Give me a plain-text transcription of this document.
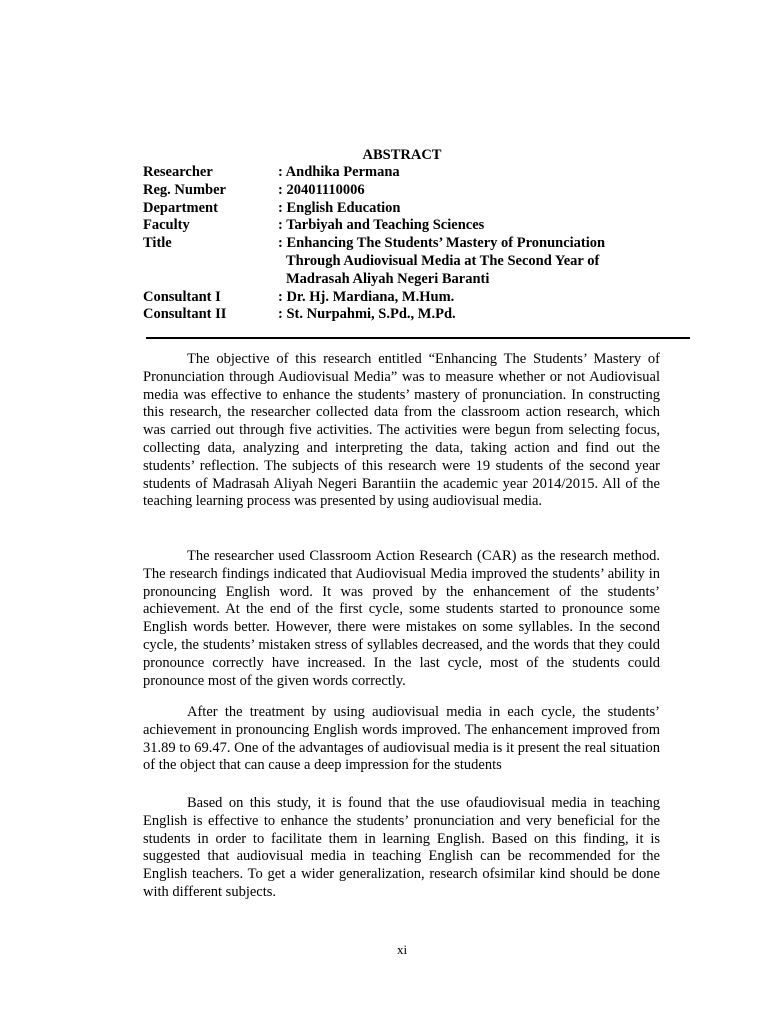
ABSTRACT
Researcher	: Andhika Permana
Reg. Number	: 20401110006
Department	: English Education
Faculty	: Tarbiyah and Teaching Sciences
Title	: Enhancing The Students’ Mastery of Pronunciation
Through Audiovisual Media at The Second Year of
Madrasah Aliyah Negeri Baranti
Consultant I	: Dr. Hj. Mardiana, M.Hum.
Consultant II	: St. Nurpahmi, S.Pd., M.Pd.

The objective of this research entitled “Enhancing The Students’ Mastery of Pronunciation through Audiovisual Media” was to measure whether or not Audiovisual media was effective to enhance the students’ mastery of pronunciation. In constructing this research, the researcher collected data from the classroom action research, which was carried out through five activities. The activities were begun from selecting focus, collecting data, analyzing and interpreting the data, taking action and find out the students’ reflection. The subjects of this research were 19 students of the second year students of Madrasah Aliyah Negeri Barantiin the academic year 2014/2015. All of the teaching learning process was presented by using audiovisual media.

The researcher used Classroom Action Research (CAR) as the research method. The research findings indicated that Audiovisual Media improved the students’ ability in pronouncing English word. It was proved by the enhancement of the students’ achievement. At the end of the first cycle, some students started to pronounce some English words better. However, there were mistakes on some syllables. In the second cycle, the students’ mistaken stress of syllables decreased, and the words that they could pronounce correctly have increased. In the last cycle, most of the students could pronounce most of the given words correctly.

After the treatment by using audiovisual media in each cycle, the students’ achievement in pronouncing English words improved. The enhancement improved from 31.89 to 69.47. One of the advantages of audiovisual media is it present the real situation of the object that can cause a deep impression for the students

Based on this study, it is found that the use ofaudiovisual media in teaching English is effective to enhance the students’ pronunciation and very beneficial for the students in order to facilitate them in learning English. Based on this finding, it is suggested that audiovisual media in teaching English can be recommended for the English teachers. To get a wider generalization, research ofsimilar kind should be done with different subjects.

xi
